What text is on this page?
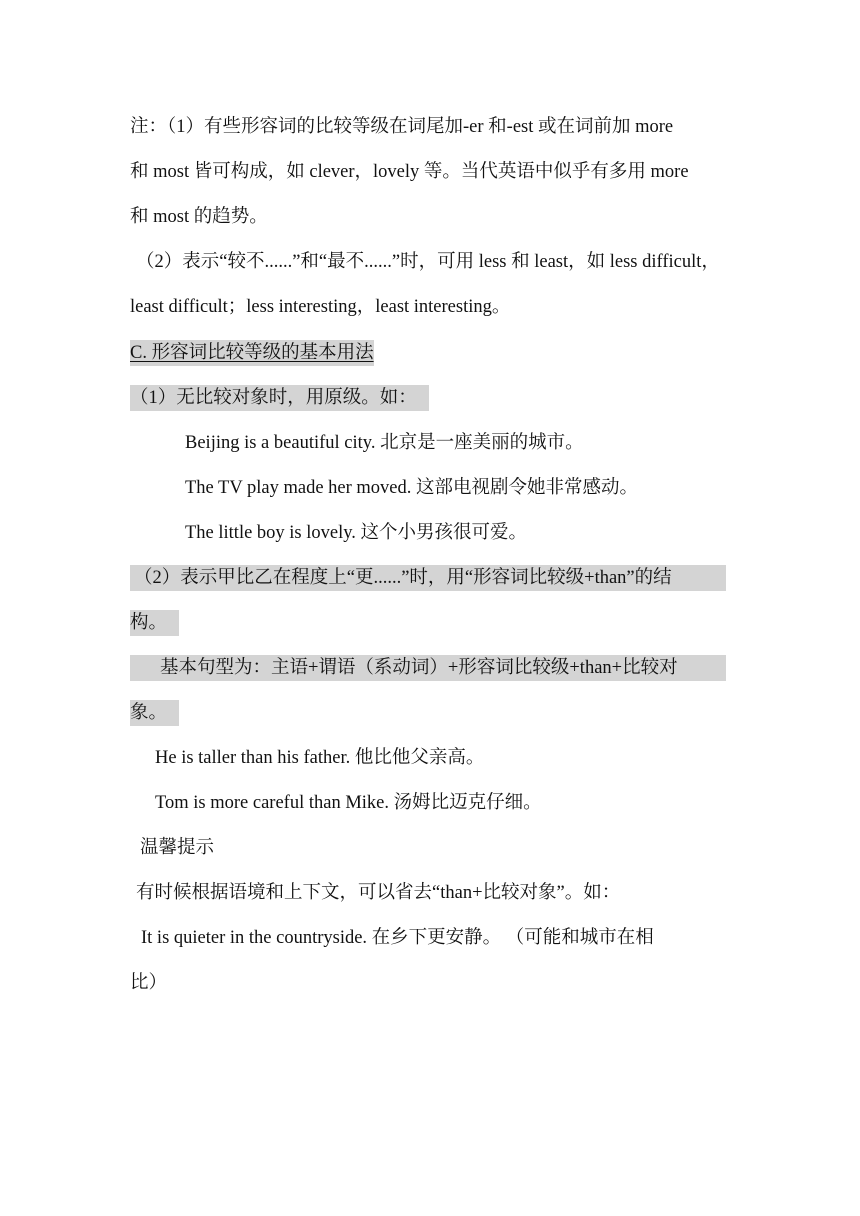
注：（1）有些形容词的比较等级在词尾加-er 和-est 或在词前加 more
和 most 皆可构成，如 clever，lovely 等。当代英语中似乎有多用 more
和 most 的趋势。
（2）表示“较不......”和“最不......”时，可用 less 和 least，如 less difficult，
least difficult；less interesting，least interesting。
C. 形容词比较等级的基本用法
（1）无比较对象时，用原级。如：
Beijing is a beautiful city. 北京是一座美丽的城市。
The TV play made her moved. 这部电视剧令她非常感动。
The little boy is lovely. 这个小男孩很可爱。
（2）表示甲比乙在程度上“更......”时，用“形容词比较级+than”的结
构。
基本句型为：主语+谓语（系动词）+形容词比较级+than+比较对
象。
He is taller than his father. 他比他父亲高。
Tom is more careful than Mike. 汤姆比迈克仔细。
温馨提示
有时候根据语境和上下文，可以省去“than+比较对象”。如：
It is quieter in the countryside. 在乡下更安静。 （可能和城市在相
比）
